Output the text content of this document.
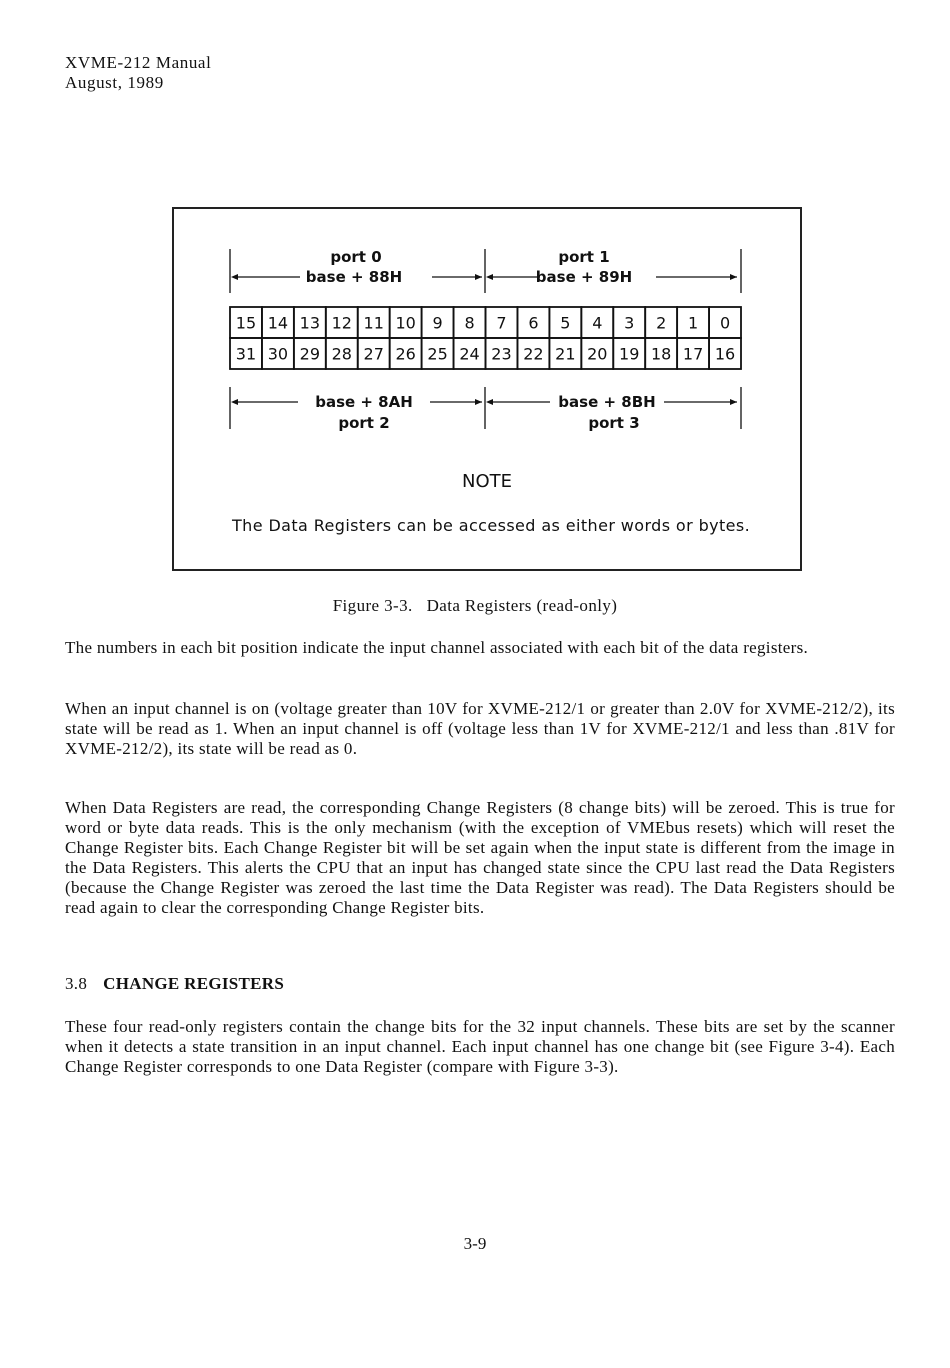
XVME-212 Manual
August, 1989
port 0
base + 88H
port 1
base + 89H
15 14 13 12 11 10 9 8 7 6 5 4 3 2 1 0
31 30 29 28 27 26 25 24 23 22 21 20 19 18 17 16
base + 8AH
port 2
base + 8BH
port 3
NOTE
The Data Registers can be accessed as either words or bytes.
Figure 3-3.   Data Registers (read-only)
The numbers in each bit position indicate the input channel associated with each bit of the data registers.
When an input channel is on (voltage greater than 10V for XVME-212/1 or greater than 2.0V for XVME-212/2), its state will be read as 1. When an input channel is off (voltage less than 1V for XVME-212/1 and less than .81V for XVME-212/2), its state will be read as 0.
When Data Registers are read, the corresponding Change Registers (8 change bits) will be zeroed. This is true for word or byte data reads. This is the only mechanism (with the exception of VMEbus resets) which will reset the Change Register bits. Each Change Register bit will be set again when the input state is different from the image in the Data Registers. This alerts the CPU that an input has changed state since the CPU last read the Data Registers (because the Change Register was zeroed the last time the Data Register was read). The Data Registers should be read again to clear the corresponding Change Register bits.
3.8 CHANGE REGISTERS
These four read-only registers contain the change bits for the 32 input channels. These bits are set by the scanner when it detects a state transition in an input channel. Each input channel has one change bit (see Figure 3-4). Each Change Register corresponds to one Data Register (compare with Figure 3-3).
3-9
